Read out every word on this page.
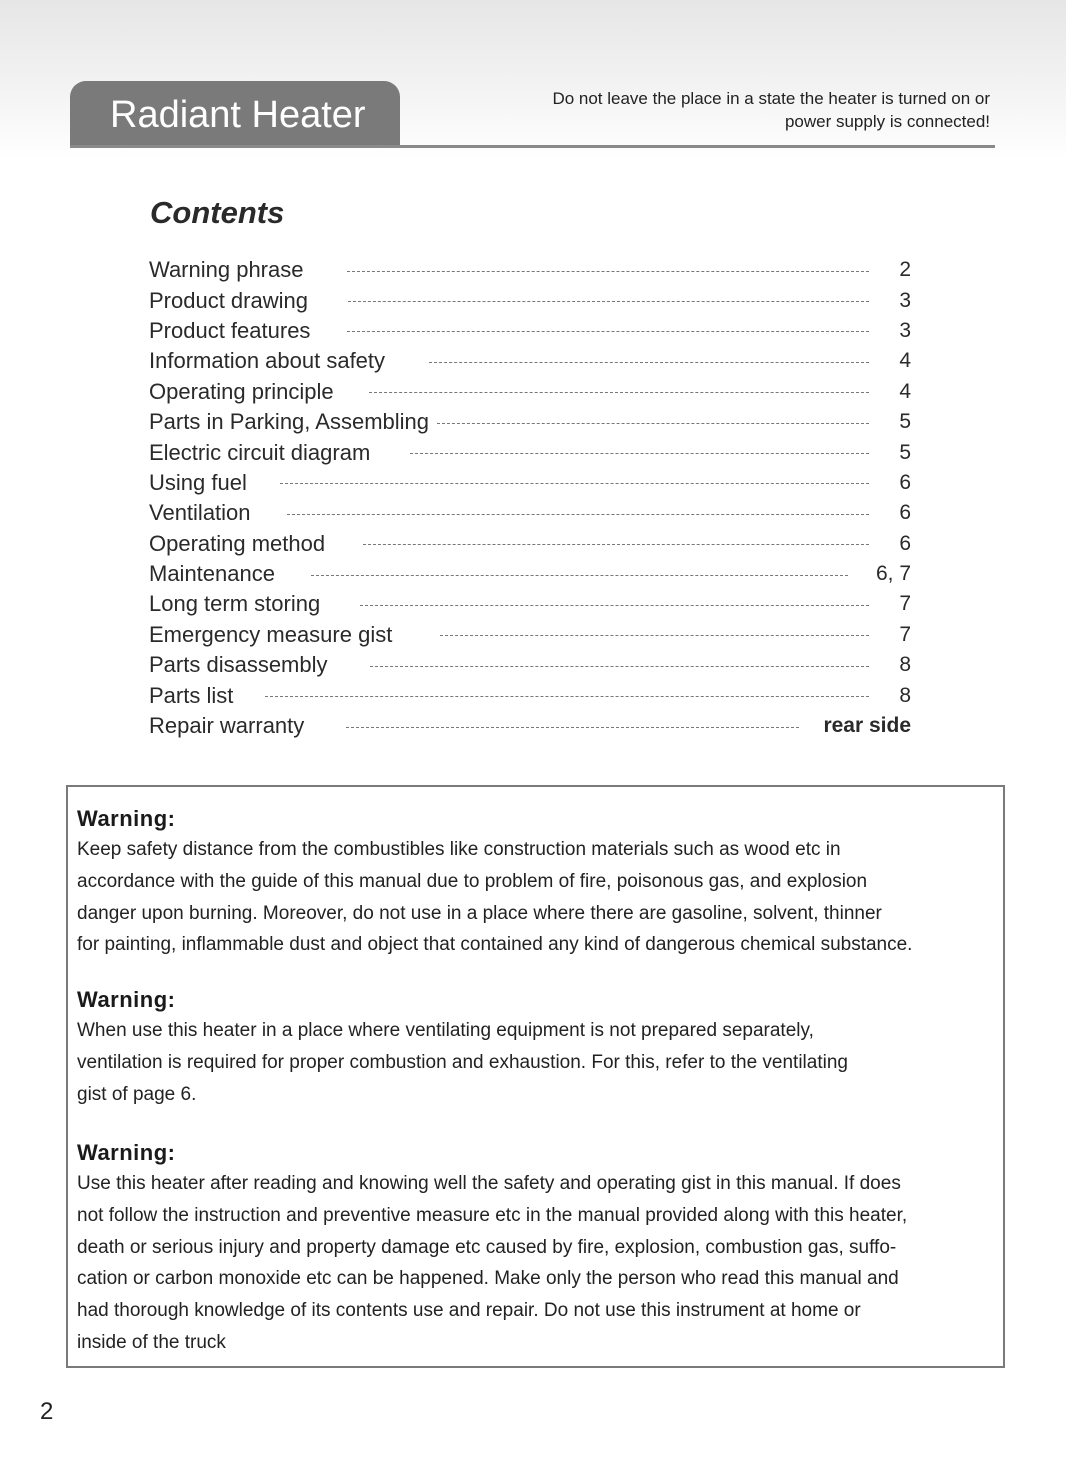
Radiant Heater	Do not leave the place in a state the heater is turned on or
power supply is connected!
Contents
Warning phrase	2
Product drawing	3
Product features	3
Information about safety	4
Operating principle	4
Parts in Parking, Assembling	5
Electric circuit diagram	5
Using fuel	6
Ventilation	6
Operating method	6
Maintenance	6, 7
Long term storing	7
Emergency measure gist	7
Parts disassembly	8
Parts list	8
Repair warranty	rear side
Warning:
Keep safety distance from the combustibles like construction materials such as wood etc in
accordance with the guide of this manual due to problem of fire, poisonous gas, and explosion
danger upon burning. Moreover, do not use in a place where there are gasoline, solvent, thinner
for painting, inflammable dust and object that contained any kind of dangerous chemical substance.
Warning:
When use this heater in a place where ventilating equipment is not prepared separately,
ventilation is required for proper combustion and exhaustion. For this, refer to the ventilating
gist of page 6.
Warning:
Use this heater after reading and knowing well the safety and operating gist in this manual. If does
not follow the instruction and preventive measure etc in the manual provided along with this heater,
death or serious injury and property damage etc caused by fire, explosion, combustion gas, suffo-
cation or carbon monoxide etc can be happened. Make only the person who read this manual and
had thorough knowledge of its contents use and repair. Do not use this instrument at home or
inside of the truck
2
